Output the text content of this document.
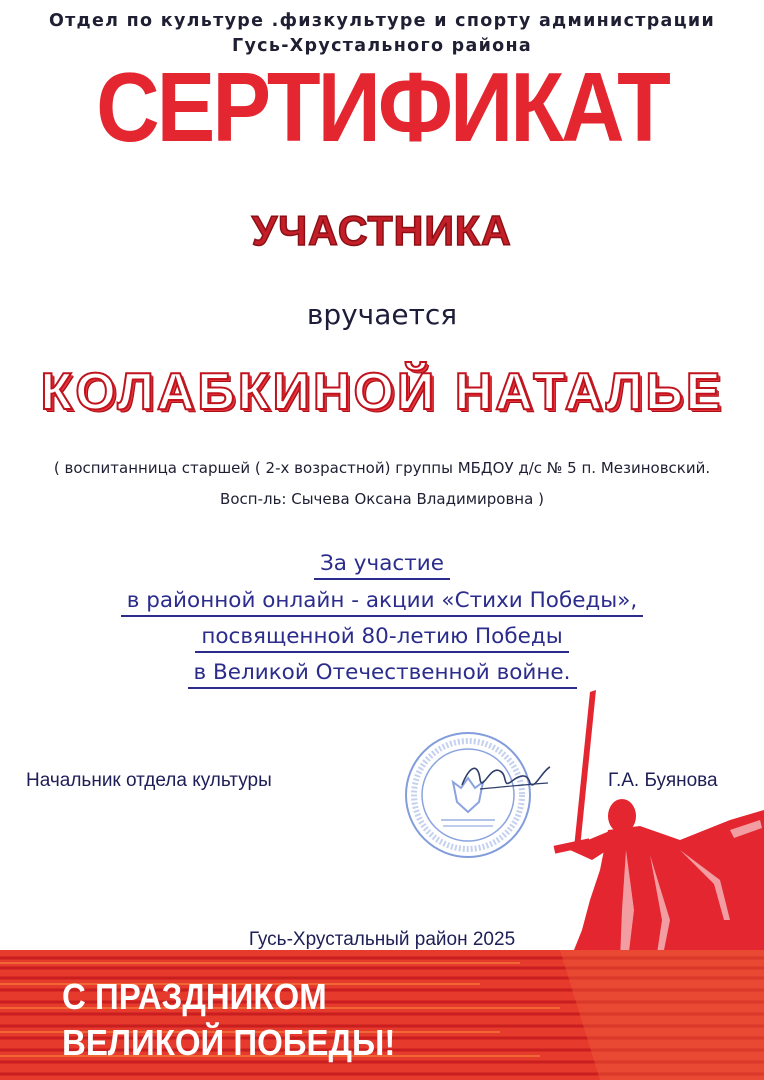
Отдел по культуре .физкультуре и спорту администрации
Гусь-Хрустального района
СЕРТИФИКАТ
УЧАСТНИКА
вручается
КОЛАБКИНОЙ НАТАЛЬЕ
( воспитанница старшей ( 2-х возрастной) группы МБДОУ д/с № 5 п. Мезиновский.
Восп-ль: Сычева Оксана Владимировна )
За участие
в районной онлайн - акции «Стихи Победы»,
посвященной 80-летию Победы
в Великой Отечественной войне.
Начальник отдела культуры	Г.А. Буянова
Гусь-Хрустальный район 2025
С ПРАЗДНИКОМ
ВЕЛИКОЙ ПОБЕДЫ!
